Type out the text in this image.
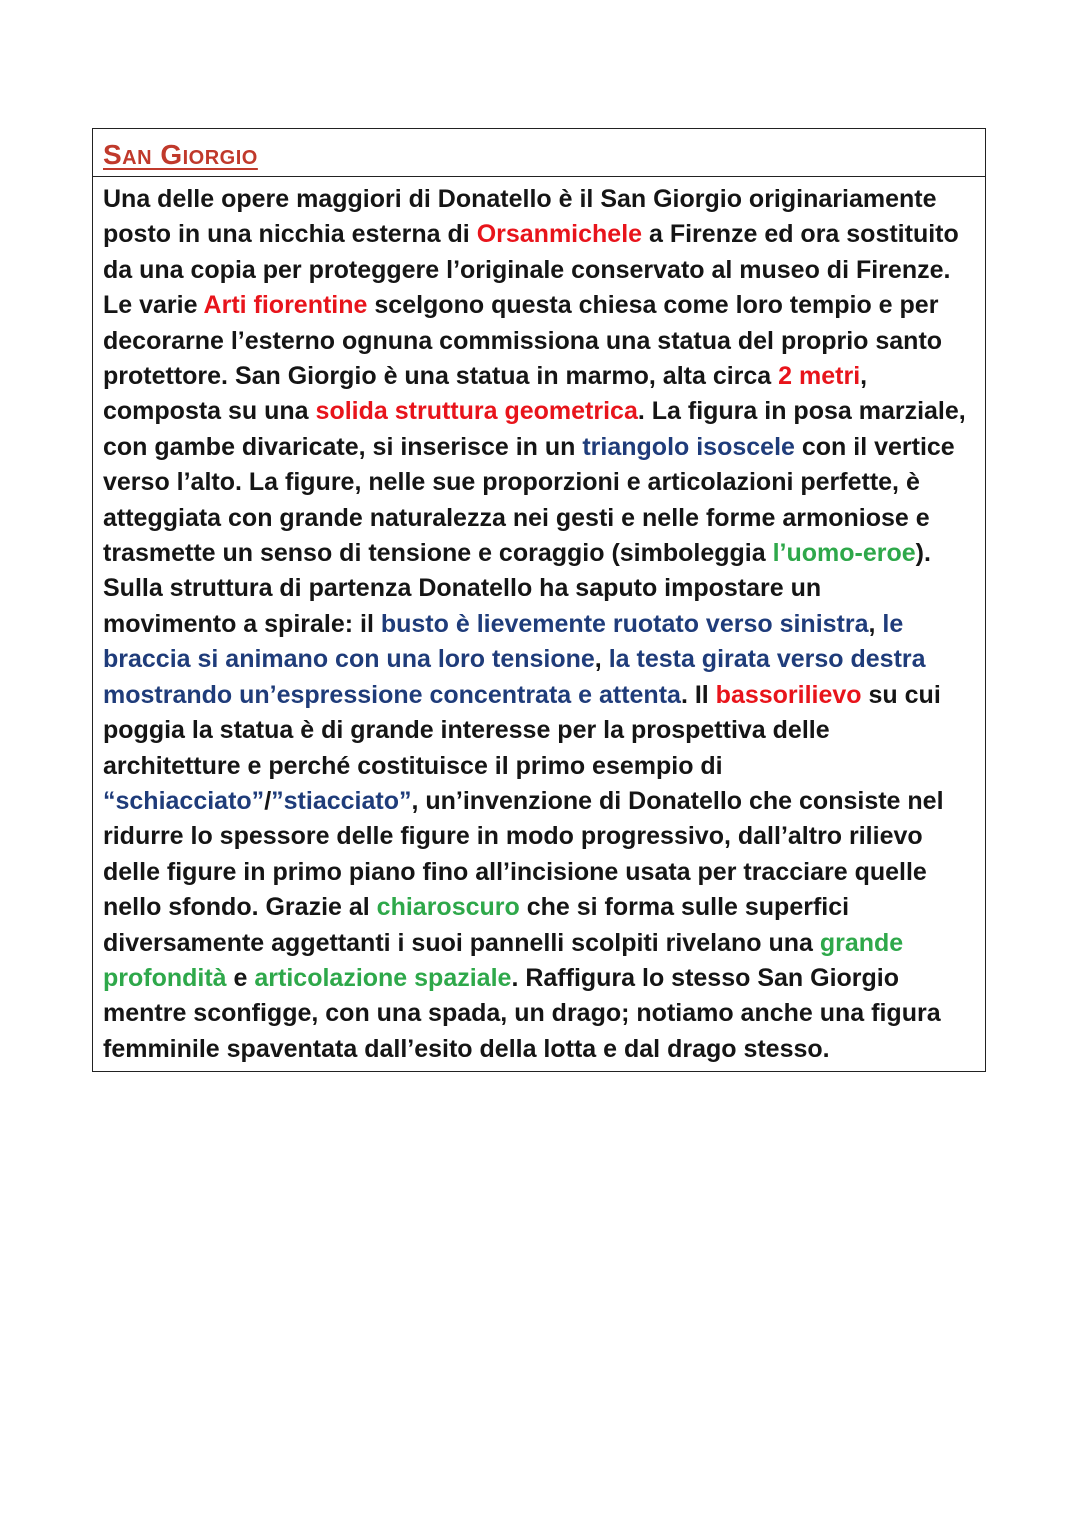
San Giorgio
Una delle opere maggiori di Donatello è il San Giorgio originariamente
posto in una nicchia esterna di Orsanmichele a Firenze ed ora sostituito
da una copia per proteggere l’originale conservato al museo di Firenze.
Le varie Arti fiorentine scelgono questa chiesa come loro tempio e per
decorarne l’esterno ognuna commissiona una statua del proprio santo
protettore. San Giorgio è una statua in marmo, alta circa 2 metri,
composta su una solida struttura geometrica. La figura in posa marziale,
con gambe divaricate, si inserisce in un triangolo isoscele con il vertice
verso l’alto. La figure, nelle sue proporzioni e articolazioni perfette, è
atteggiata con grande naturalezza nei gesti e nelle forme armoniose e
trasmette un senso di tensione e coraggio (simboleggia l’uomo-eroe).
Sulla struttura di partenza Donatello ha saputo impostare un
movimento a spirale: il busto è lievemente ruotato verso sinistra, le
braccia si animano con una loro tensione, la testa girata verso destra
mostrando un’espressione concentrata e attenta. Il bassorilievo su cui
poggia la statua è di grande interesse per la prospettiva delle
architetture e perché costituisce il primo esempio di
“schiacciato”/”stiacciato”, un’invenzione di Donatello che consiste nel
ridurre lo spessore delle figure in modo progressivo, dall’altro rilievo
delle figure in primo piano fino all’incisione usata per tracciare quelle
nello sfondo. Grazie al chiaroscuro che si forma sulle superfici
diversamente aggettanti i suoi pannelli scolpiti rivelano una grande
profondità e articolazione spaziale. Raffigura lo stesso San Giorgio
mentre sconfigge, con una spada, un drago; notiamo anche una figura
femminile spaventata dall’esito della lotta e dal drago stesso.
